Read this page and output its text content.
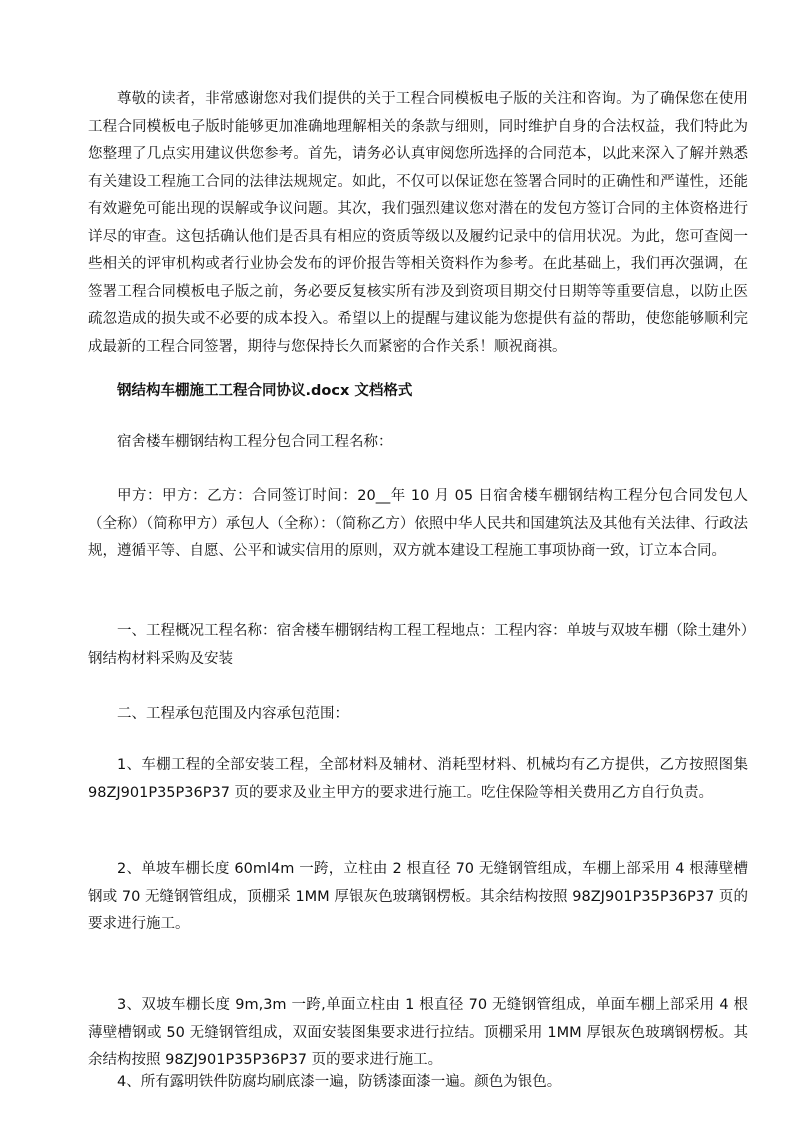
尊敬的读者，非常感谢您对我们提供的关于工程合同模板电子版的关注和咨询。为了确保您在使用工程合同模板电子版时能够更加准确地理解相关的条款与细则，同时维护自身的合法权益，我们特此为您整理了几点实用建议供您参考。首先，请务必认真审阅您所选择的合同范本，以此来深入了解并熟悉有关建设工程施工合同的法律法规规定。如此，不仅可以保证您在签署合同时的正确性和严谨性，还能有效避免可能出现的误解或争议问题。其次，我们强烈建议您对潜在的发包方签订合同的主体资格进行详尽的审查。这包括确认他们是否具有相应的资质等级以及履约记录中的信用状况。为此，您可查阅一些相关的评审机构或者行业协会发布的评价报告等相关资料作为参考。在此基础上，我们再次强调，在签署工程合同模板电子版之前，务必要反复核实所有涉及到资项目期交付日期等等重要信息，以防止医疏忽造成的损失或不必要的成本投入。希望以上的提醒与建议能为您提供有益的帮助，使您能够顺利完成最新的工程合同签署，期待与您保持长久而紧密的合作关系！顺祝商祺。

钢结构车棚施工工程合同协议.docx 文档格式

宿舍楼车棚钢结构工程分包合同工程名称：

甲方：甲方：乙方：合同签订时间：20__年 10 月 05 日宿舍楼车棚钢结构工程分包合同发包人（全称）（简称甲方）承包人（全称）：（简称乙方）依照中华人民共和国建筑法及其他有关法律、行政法规，遵循平等、自愿、公平和诚实信用的原则，双方就本建设工程施工事项协商一致，订立本合同。

一、工程概况工程名称：宿舍楼车棚钢结构工程工程地点：工程内容：单坡与双坡车棚（除土建外）钢结构材料采购及安装

二、工程承包范围及内容承包范围：

1、车棚工程的全部安装工程，全部材料及辅材、消耗型材料、机械均有乙方提供，乙方按照图集 98ZJ901P35P36P37 页的要求及业主甲方的要求进行施工。吃住保险等相关费用乙方自行负责。

2、单坡车棚长度 60ml4m 一跨，立柱由 2 根直径 70 无缝钢管组成，车棚上部采用 4 根薄壁槽钢或 70 无缝钢管组成，顶棚采 1MM 厚银灰色玻璃钢楞板。其余结构按照 98ZJ901P35P36P37 页的要求进行施工。

3、双坡车棚长度 9m,3m 一跨,单面立柱由 1 根直径 70 无缝钢管组成，单面车棚上部采用 4 根薄壁槽钢或 50 无缝钢管组成，双面安装图集要求进行拉结。顶棚采用 1MM 厚银灰色玻璃钢楞板。其余结构按照 98ZJ901P35P36P37 页的要求进行施工。

4、所有露明铁件防腐均刷底漆一遍，防锈漆面漆一遍。颜色为银色。
